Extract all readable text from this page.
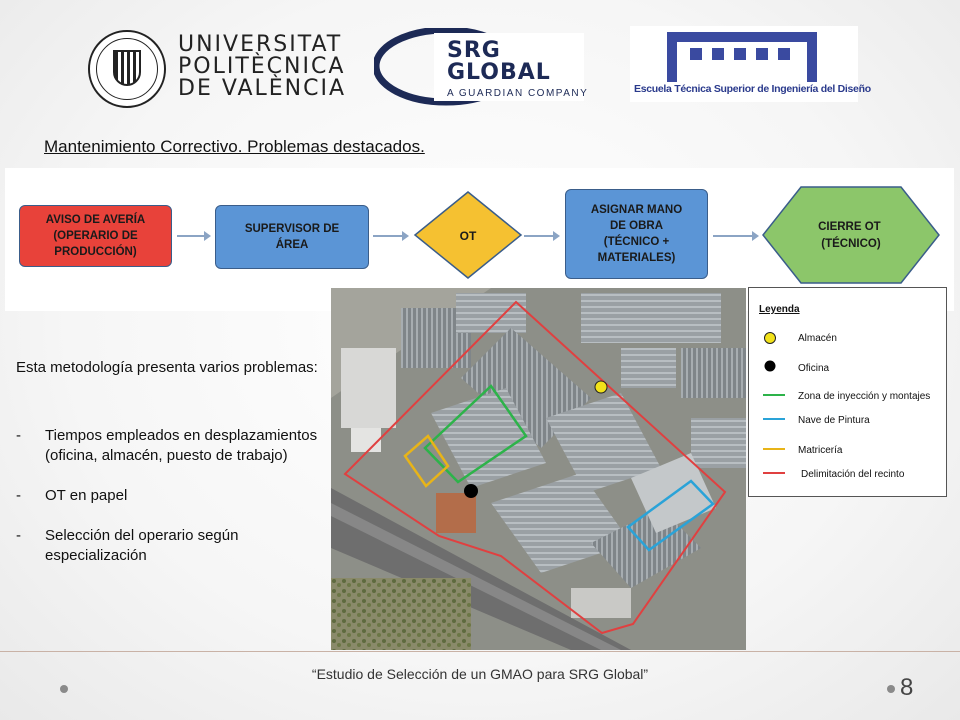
UNIVERSITAT
POLITÈCNICA
DE VALÈNCIA
SRG
GLOBAL
A GUARDIAN COMPANY	Escuela Técnica Superior de Ingeniería del Diseño
Mantenimiento Correctivo. Problemas destacados.
AVISO DE AVERÍA
(OPERARIO DE
PRODUCCIÓN)
SUPERVISOR DE
ÁREA
OT
ASIGNAR MANO
DE OBRA
(TÉCNICO +
MATERIALES)
CIERRE OT (TÉCNICO)
Esta metodología presenta varios problemas:
- Tiempos empleados en desplazamientos (oficina, almacén, puesto de trabajo)
- OT en papel
- Selección del operario según especialización
Leyenda
Almacén
Oficina
Zona de inyección y montajes
Nave de Pintura
Matricería
Delimitación del recinto
“Estudio de Selección de un GMAO para SRG Global”	8
